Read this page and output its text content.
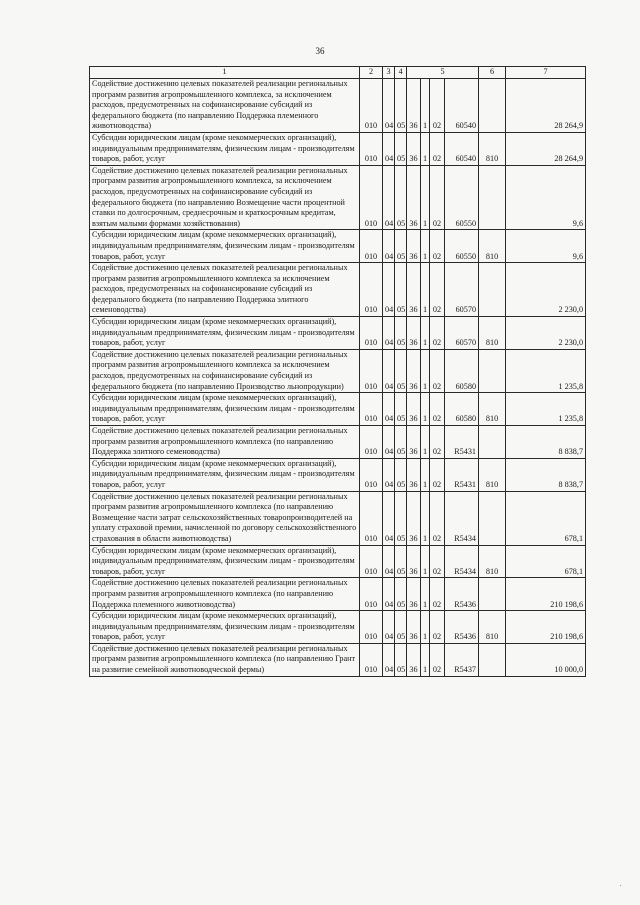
36
1	2	3	4	5				6	7
Содействие достижению целевых показателей реализации региональных программ развития агропромышленного комплекса, за исключением расходов, предусмотренных на софинансирование субсидий из федерального бюджета (по направлению Поддержка племенного животноводства)	010	04	05	36	1	02	60540		28 264,9
Субсидии юридическим лицам (кроме некоммерческих организаций), индивидуальным предпринимателям, физическим лицам - производителям товаров, работ, услуг	010	04	05	36	1	02	60540	810	28 264,9
Содействие достижению целевых показателей реализации региональных программ развития агропромышленного комплекса, за исключением расходов, предусмотренных на софинансирование субсидий из федерального бюджета (по направлению Возмещение части процентной ставки по долгосрочным, среднесрочным и краткосрочным кредитам, взятым малыми формами хозяйствования)	010	04	05	36	1	02	60550		9,6
Субсидии юридическим лицам (кроме некоммерческих организаций), индивидуальным предпринимателям, физическим лицам - производителям товаров, работ, услуг	010	04	05	36	1	02	60550	810	9,6
Содействие достижению целевых показателей реализации региональных программ развития агропромышленного комплекса за исключением расходов, предусмотренных на софинансирование субсидий из федерального бюджета (по направлению Поддержка элитного семеноводства)	010	04	05	36	1	02	60570		2 230,0
Субсидии юридическим лицам (кроме некоммерческих организаций), индивидуальным предпринимателям, физическим лицам - производителям товаров, работ, услуг	010	04	05	36	1	02	60570	810	2 230,0
Содействие достижению целевых показателей реализации региональных программ развития агропромышленного комплекса за исключением расходов, предусмотренных на софинансирование субсидий из федерального бюджета (по направлению Производство льнопродукции)	010	04	05	36	1	02	60580		1 235,8
Субсидии юридическим лицам (кроме некоммерческих организаций), индивидуальным предпринимателям, физическим лицам - производителям товаров, работ, услуг	010	04	05	36	1	02	60580	810	1 235,8
Содействие достижению целевых показателей реализации региональных программ развития агропромышленного комплекса (по направлению Поддержка элитного семеноводства)	010	04	05	36	1	02	R5431		8 838,7
Субсидии юридическим лицам (кроме некоммерческих организаций), индивидуальным предпринимателям, физическим лицам - производителям товаров, работ, услуг	010	04	05	36	1	02	R5431	810	8 838,7
Содействие достижению целевых показателей реализации региональных программ развития агропромышленного комплекса (по направлению Возмещение части затрат сельскохозяйственных товаропроизводителей на уплату страховой премии, начисленной по договору сельскохозяйственного страхования в области животноводства)	010	04	05	36	1	02	R5434		678,1
Субсидии юридическим лицам (кроме некоммерческих организаций), индивидуальным предпринимателям, физическим лицам - производителям товаров, работ, услуг	010	04	05	36	1	02	R5434	810	678,1
Содействие достижению целевых показателей реализации региональных программ развития агропромышленного комплекса (по направлению Поддержка племенного животноводства)	010	04	05	36	1	02	R5436		210 198,6
Субсидии юридическим лицам (кроме некоммерческих организаций), индивидуальным предпринимателям, физическим лицам - производителям товаров, работ, услуг	010	04	05	36	1	02	R5436	810	210 198,6
Содействие достижению целевых показателей реализации региональных программ развития агропромышленного комплекса (по направлению Грант на развитие семейной животноводческой фермы)	010	04	05	36	1	02	R5437		10 000,0
˙
